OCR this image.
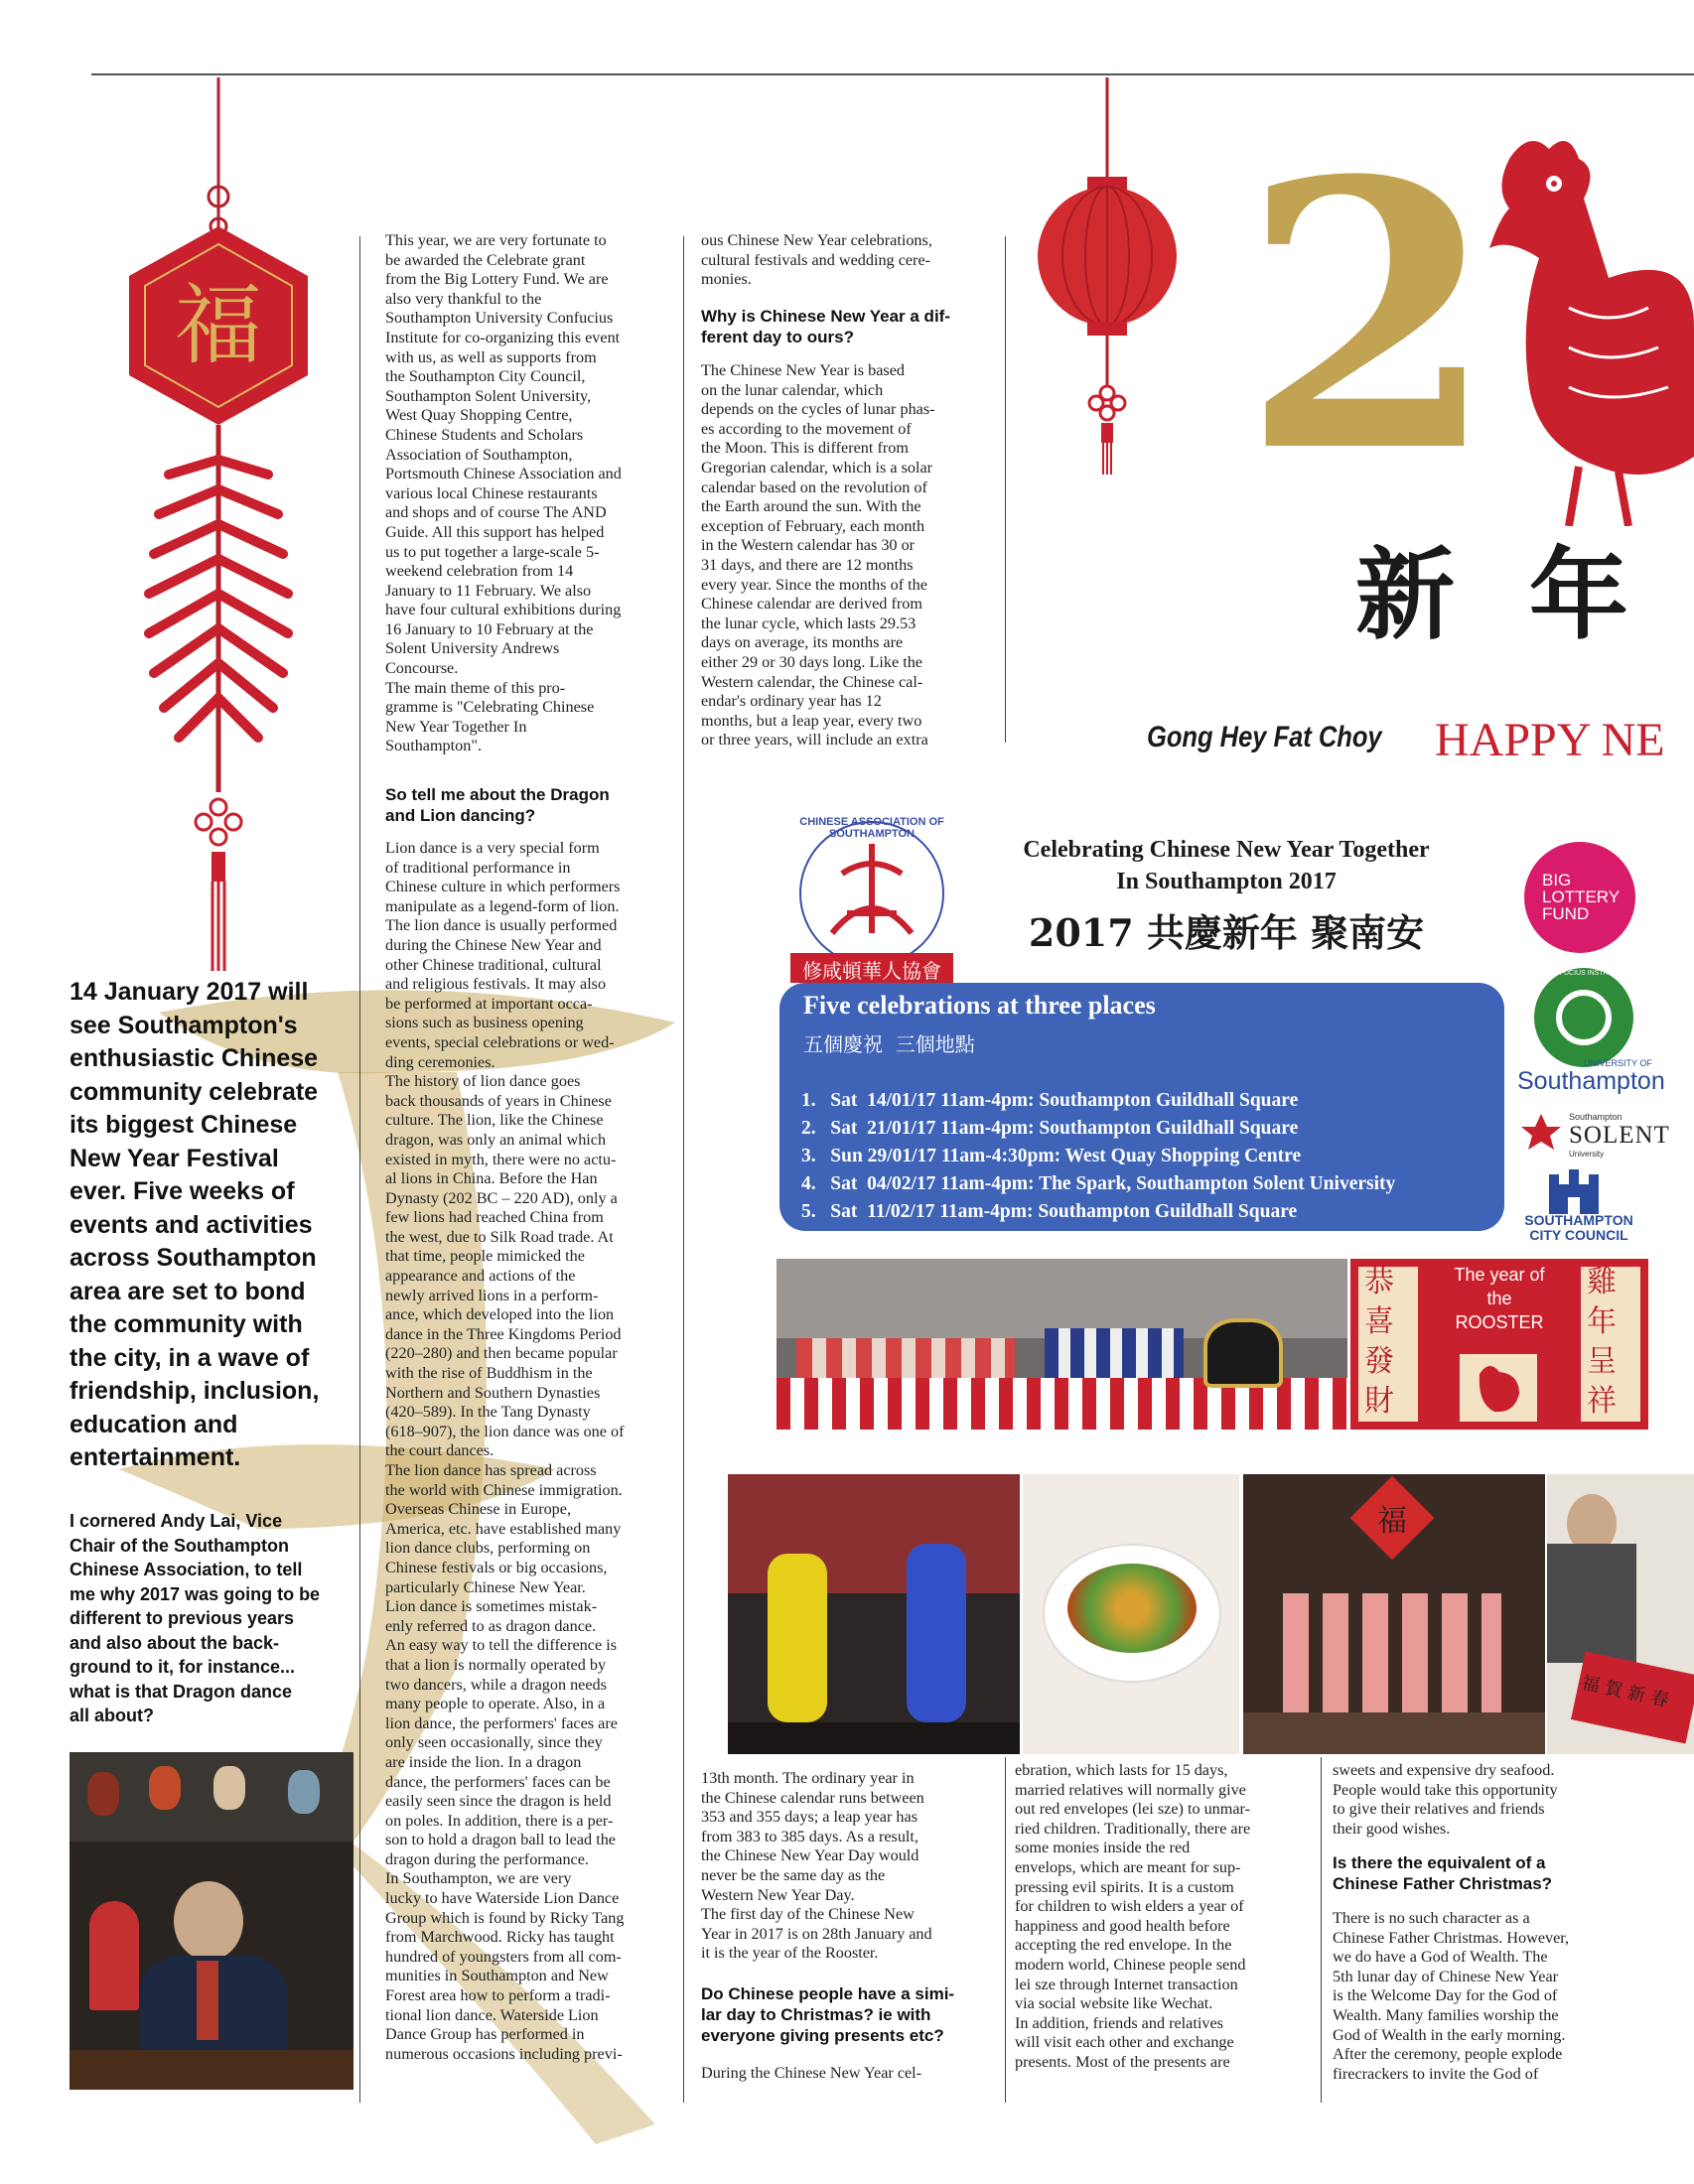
福
14 January 2017 will
see Southampton's
enthusiastic Chinese
community celebrate
its biggest Chinese
New Year Festival
ever. Five weeks of
events and activities
across Southampton
area are set to bond
the community with
the city, in a wave of
friendship, inclusion,
education and
entertainment.
I cornered Andy Lai, Vice
Chair of the Southampton
Chinese Association, to tell
me why 2017 was going to be
different to previous years
and also about the back-
ground to it, for instance...
what is that Dragon dance
all about?
This year, we are very fortunate to
be awarded the Celebrate grant
from the Big Lottery Fund. We are
also very thankful to the
Southampton University Confucius
Institute for co-organizing this event
with us, as well as supports from
the Southampton City Council,
Southampton Solent University,
West Quay Shopping Centre,
Chinese Students and Scholars
Association of Southampton,
Portsmouth Chinese Association and
various local Chinese restaurants
and shops and of course The AND
Guide. All this support has helped
us to put together a large-scale 5-
weekend celebration from 14
January to 11 February. We also
have four cultural exhibitions during
16 January to 10 February at the
Solent University Andrews
Concourse.
The main theme of this pro-
gramme is "Celebrating Chinese
New Year Together In
Southampton".
So tell me about the Dragon
and Lion dancing?
Lion dance is a very special form
of traditional performance in
Chinese culture in which performers
manipulate as a legend-form of lion.
The lion dance is usually performed
during the Chinese New Year and
other Chinese traditional, cultural
and religious festivals. It may also
be performed at important occa-
sions such as business opening
events, special celebrations or wed-
ding ceremonies.
The history of lion dance goes
back thousands of years in Chinese
culture. The lion, like the Chinese
dragon, was only an animal which
existed in myth, there were no actu-
al lions in China. Before the Han
Dynasty (202 BC – 220 AD), only a
few lions had reached China from
the west, due to Silk Road trade. At
that time, people mimicked the
appearance and actions of the
newly arrived lions in a perform-
ance, which developed into the lion
dance in the Three Kingdoms Period
(220–280) and then became popular
with the rise of Buddhism in the
Northern and Southern Dynasties
(420–589). In the Tang Dynasty
(618–907), the lion dance was one of
the court dances.
The lion dance has spread across
the world with Chinese immigration.
Overseas Chinese in Europe,
America, etc. have established many
lion dance clubs, performing on
Chinese festivals or big occasions,
particularly Chinese New Year.
Lion dance is sometimes mistak-
enly referred to as dragon dance.
An easy way to tell the difference is
that a lion is normally operated by
two dancers, while a dragon needs
many people to operate. Also, in a
lion dance, the performers' faces are
only seen occasionally, since they
are inside the lion. In a dragon
dance, the performers' faces can be
easily seen since the dragon is held
on poles. In addition, there is a per-
son to hold a dragon ball to lead the
dragon during the performance.
In Southampton, we are very
lucky to have Waterside Lion Dance
Group which is found by Ricky Tang
from Marchwood. Ricky has taught
hundred of youngsters from all com-
munities in Southampton and New
Forest area how to perform a tradi-
tional lion dance. Waterside Lion
Dance Group has performed in
numerous occasions including previ-
ous Chinese New Year celebrations,
cultural festivals and wedding cere-
monies.
Why is Chinese New Year a dif-
ferent day to ours?
The Chinese New Year is based
on the lunar calendar, which
depends on the cycles of lunar phas-
es according to the movement of
the Moon. This is different from
Gregorian calendar, which is a solar
calendar based on the revolution of
the Earth around the sun. With the
exception of February, each month
in the Western calendar has 30 or
31 days, and there are 12 months
every year. Since the months of the
Chinese calendar are derived from
the lunar cycle, which lasts 29.53
days on average, its months are
either 29 or 30 days long. Like the
Western calendar, the Chinese cal-
endar's ordinary year has 12
months, but a leap year, every two
or three years, will include an extra
2
新 年
Gong Hey Fat Choy HAPPY NE
CHINESE ASSOCIATION OF SOUTHAMPTON
修咸頓華人協會
Celebrating Chinese New Year Together
In Southampton 2017
2017 共慶新年 聚南安
Five celebrations at three places
五個慶祝  三個地點
1.   Sat  14/01/17 11am-4pm: Southampton Guildhall Square
2.   Sat  21/01/17 11am-4pm: Southampton Guildhall Square
3.   Sun 29/01/17 11am-4:30pm: West Quay Shopping Centre
4.   Sat  04/02/17 11am-4pm: The Spark, Southampton Solent University
5.   Sat  11/02/17 11am-4pm: Southampton Guildhall Square
BIG
LOTTERY
FUND
CONFUCIUS INSTITUTE
UNIVERSITY OF
Southampton
Southampton
SOLENT
University
SOUTHAMPTON
CITY COUNCIL
恭
喜
發
財
雞
年
呈
祥
The year of
the
ROOSTER
福
福 賀 新 春
13th month. The ordinary year in
the Chinese calendar runs between
353 and 355 days; a leap year has
from 383 to 385 days. As a result,
the Chinese New Year Day would
never be the same day as the
Western New Year Day.
The first day of the Chinese New
Year in 2017 is on 28th January and
it is the year of the Rooster.
Do Chinese people have a simi-
lar day to Christmas? ie with
everyone giving presents etc?
During the Chinese New Year cel-
ebration, which lasts for 15 days,
married relatives will normally give
out red envelopes (lei sze) to unmar-
ried children. Traditionally, there are
some monies inside the red
envelops, which are meant for sup-
pressing evil spirits. It is a custom
for children to wish elders a year of
happiness and good health before
accepting the red envelope. In the
modern world, Chinese people send
lei sze through Internet transaction
via social website like Wechat.
In addition, friends and relatives
will visit each other and exchange
presents. Most of the presents are
sweets and expensive dry seafood.
People would take this opportunity
to give their relatives and friends
their good wishes.
Is there the equivalent of a
Chinese Father Christmas?
There is no such character as a
Chinese Father Christmas. However,
we do have a God of Wealth. The
5th lunar day of Chinese New Year
is the Welcome Day for the God of
Wealth. Many families worship the
God of Wealth in the early morning.
After the ceremony, people explode
firecrackers to invite the God of
